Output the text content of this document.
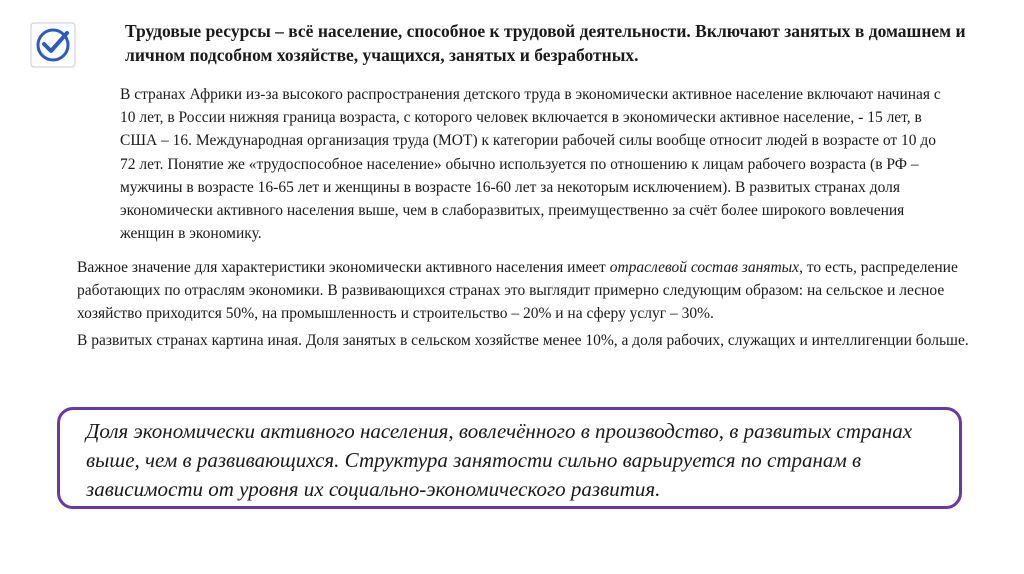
Трудовые ресурсы – всё население, способное к трудовой деятельности. Включают занятых в домашнем и личном подсобном хозяйстве, учащихся, занятых и безработных.

В странах Африки из-за высокого распространения детского труда в экономически активное население включают начиная с 10 лет, в России нижняя граница возраста, с которого человек включается в экономически активное население, - 15 лет, в США – 16. Международная организация труда (МОТ) к категории рабочей силы вообще относит людей в возрасте от 10 до 72 лет. Понятие же «трудоспособное население» обычно используется по отношению к лицам рабочего возраста (в РФ – мужчины в возрасте 16-65 лет и женщины в возрасте 16-60 лет за некоторым исключением). В развитых странах доля экономически активного населения выше, чем в слаборазвитых, преимущественно за счёт более широкого вовлечения женщин в экономику.

Важное значение для характеристики экономически активного населения имеет отраслевой состав занятых, то есть, распределение работающих по отраслям экономики. В развивающихся странах это выглядит примерно следующим образом: на сельское и лесное хозяйство приходится 50%, на промышленность и строительство – 20% и на сферу услуг – 30%.

В развитых странах картина иная. Доля занятых в сельском хозяйстве менее 10%, а доля рабочих, служащих и интеллигенции больше.

Доля экономически активного населения, вовлечённого в производство, в развитых странах выше, чем в развивающихся. Структура занятости сильно варьируется по странам в зависимости от уровня их социально-экономического развития.
